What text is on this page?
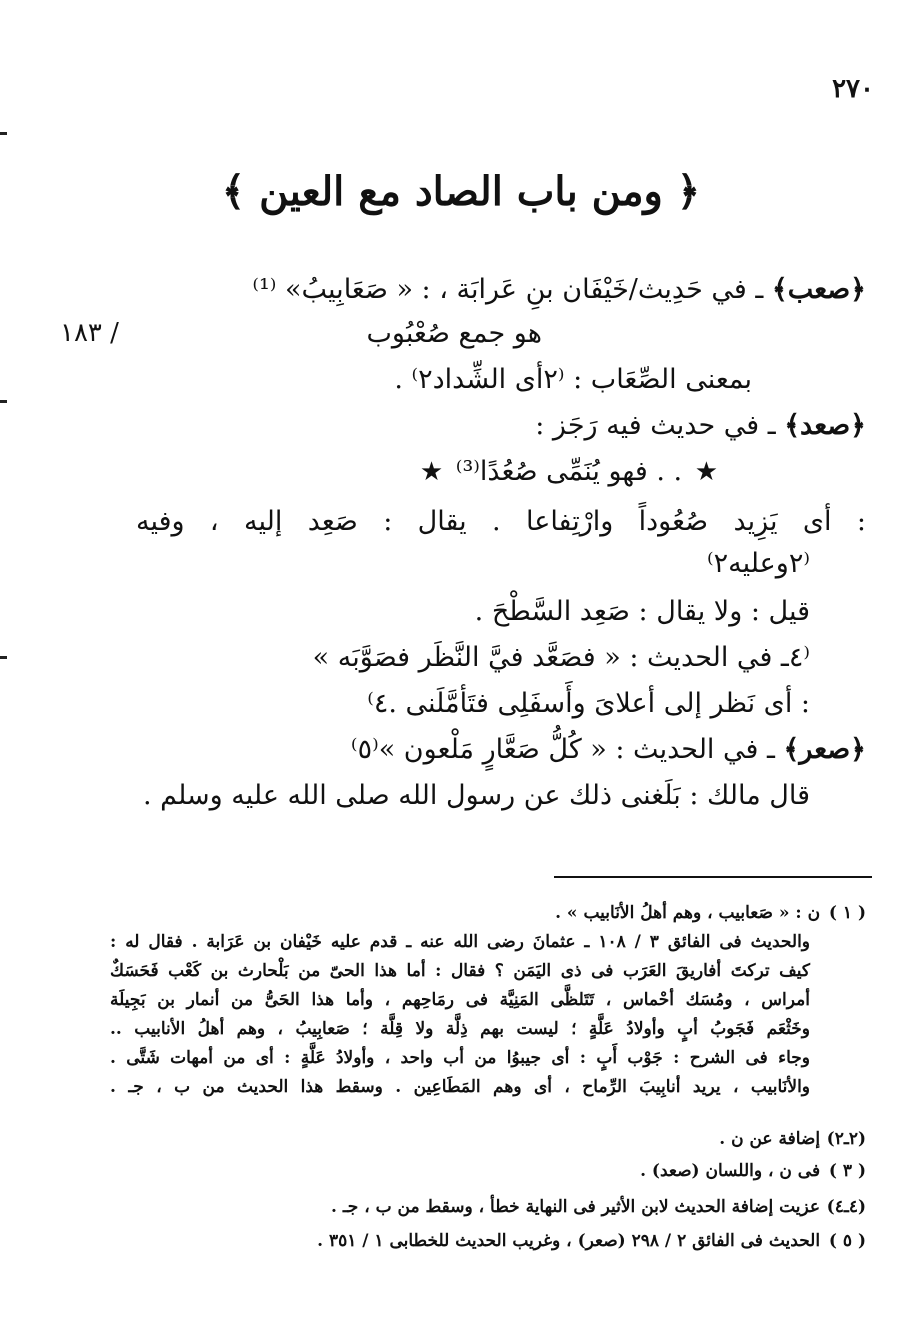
٢٧٠
﴿ ومن باب الصاد مع العين ﴾
١٨٣ /
﴿صعب﴾ ـ في حَدِيث/خَيْفَان بنِ عَرابَة ، : « صَعَابِيبُ» ⁽¹⁾
هو جمع صُعْبُوب
بمعنى الصِّعَاب : ⁽٢أى الشِّداد٢⁾ .
﴿صعد﴾ ـ في حديث فيه رَجَز :
★ . . فهو يُنَمِّى صُعُدًا⁽³⁾ ★
: أى يَزِيد صُعُوداً وارْتِفاعا . يقال : صَعِد إليه ، وفيه
⁽٢وعليه٢⁾
قيل : ولا يقال : صَعِد السَّطْحَ .
⁽٤ـ في الحديث : « فصَعَّد فيَّ النَّظَر فصَوَّبَه »
: أى نَظر إلى أعلاىَ وأَسفَلِى فتَأمَّلَنى .٤⁾
﴿صعر﴾ ـ في الحديث : « كُلُّ صَعَّارٍ مَلْعون »⁽٥⁾
قال مالك : بَلَغنى ذلك عن رسول الله صلى الله عليه وسلم .
( ١ ) ن : « صَعابيب ، وهم أهلُ الأنَابيب » .
والحديث فى الفائق ٣ / ١٠٨ ـ عثمانَ رضى الله عنه ـ قدم عليه خَيْفان بن عَرَابة . فقال له :
كيف تركتَ أفاريقَ العَرَب فى ذى اليَمَن ؟ فقال : أما هذا الحىّ من بَلْحارث بن كَعْب فَحَسَكٌ
أمراس ، ومُسَك أحْماس ، تَتَلظَّى المَنِيَّة فى رمَاحِهم ، وأما هذا الحَىُّ من أنمار بن بَجِيلَة
وخَثْعَم فَجَوبُ أبٍ وأولادُ عَلَّةٍ ؛ ليست بهم ذِلَّة ولا قِلَّة ؛ صَعابِيبُ ، وهم أهلُ الأنابيب ..
وجاء فى الشرح : جَوْب أَبٍ : أى جيبوُا من أب واحد ، وأولادُ عَلَّةٍ : أى من أمهات شَتَّى .
والأنَابيب ، يريد أنابِيبَ الرِّماح ، أى وهم المَطَاعِين . وسقط هذا الحديث من ب ، جـ .
(٢ـ٢) إضافة عن ن .
( ٣ ) فى ن ، واللسان (صعد) .
(٤ـ٤) عزيت إضافة الحديث لابن الأثير فى النهاية خطأ ، وسقط من ب ، جـ .
( ٥ ) الحديث فى الفائق ٢ / ٢٩٨ (صعر) ، وغريب الحديث للخطابى ١ / ٣٥١ .
